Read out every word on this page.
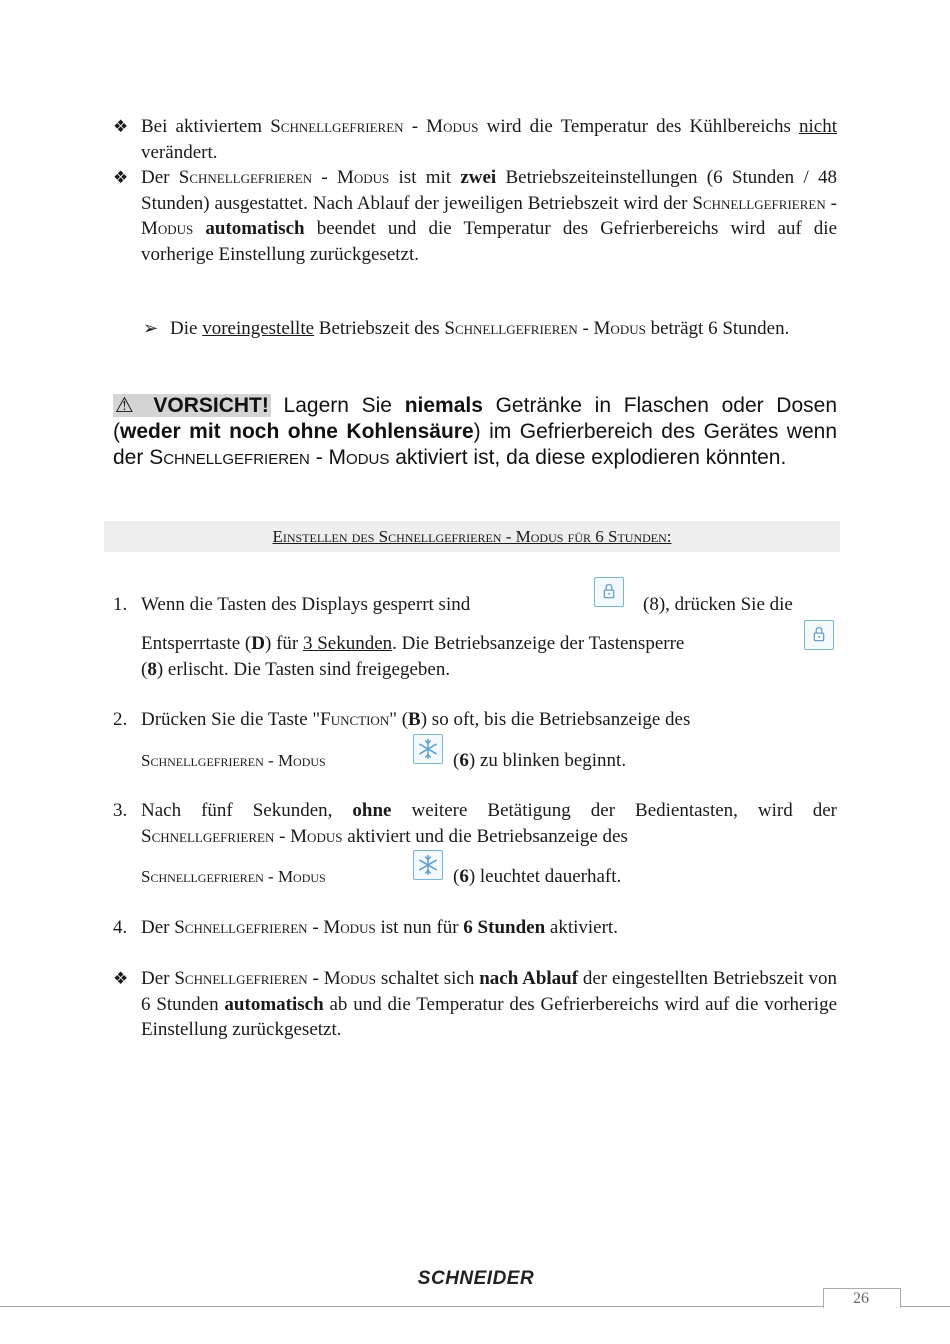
❖ Bei aktiviertem Schnellgefrieren - Modus wird die Temperatur des Kühlbereichs nicht verändert.
❖ Der Schnellgefrieren - Modus ist mit zwei Betriebszeiteinstellungen (6 Stunden / 48 Stunden) ausgestattet. Nach Ablauf der jeweiligen Betriebszeit wird der Schnellgefrieren - Modus automatisch beendet und die Temperatur des Gefrierbereichs wird auf die vorherige Einstellung zurückgesetzt.
➢ Die voreingestellte Betriebszeit des Schnellgefrieren - Modus beträgt 6 Stunden.
⚠ VORSICHT! Lagern Sie niemals Getränke in Flaschen oder Dosen (weder mit noch ohne Kohlensäure) im Gefrierbereich des Gerätes wenn der Schnellgefrieren - Modus aktiviert ist, da diese explodieren könnten.
Einstellen des Schnellgefrieren - Modus für 6 Stunden:
1. Wenn die Tasten des Displays gesperrt sind	(8), drücken Sie die
Entsperrtaste (D) für 3 Sekunden. Die Betriebsanzeige der Tastensperre
(8) erlischt. Die Tasten sind freigegeben.
2. Drücken Sie die Taste "Function" (B) so oft, bis die Betriebsanzeige des
Schnellgefrieren - Modus	(6) zu blinken beginnt.
3. Nach fünf Sekunden, ohne weitere Betätigung der Bedientasten, wird der Schnellgefrieren - Modus aktiviert und die Betriebsanzeige des
Schnellgefrieren - Modus	(6) leuchtet dauerhaft.
4. Der Schnellgefrieren - Modus ist nun für 6 Stunden aktiviert.
❖ Der Schnellgefrieren - Modus schaltet sich nach Ablauf der eingestellten Betriebszeit von 6 Stunden automatisch ab und die Temperatur des Gefrierbereichs wird auf die vorherige Einstellung zurückgesetzt.
SCHNEIDER
26
